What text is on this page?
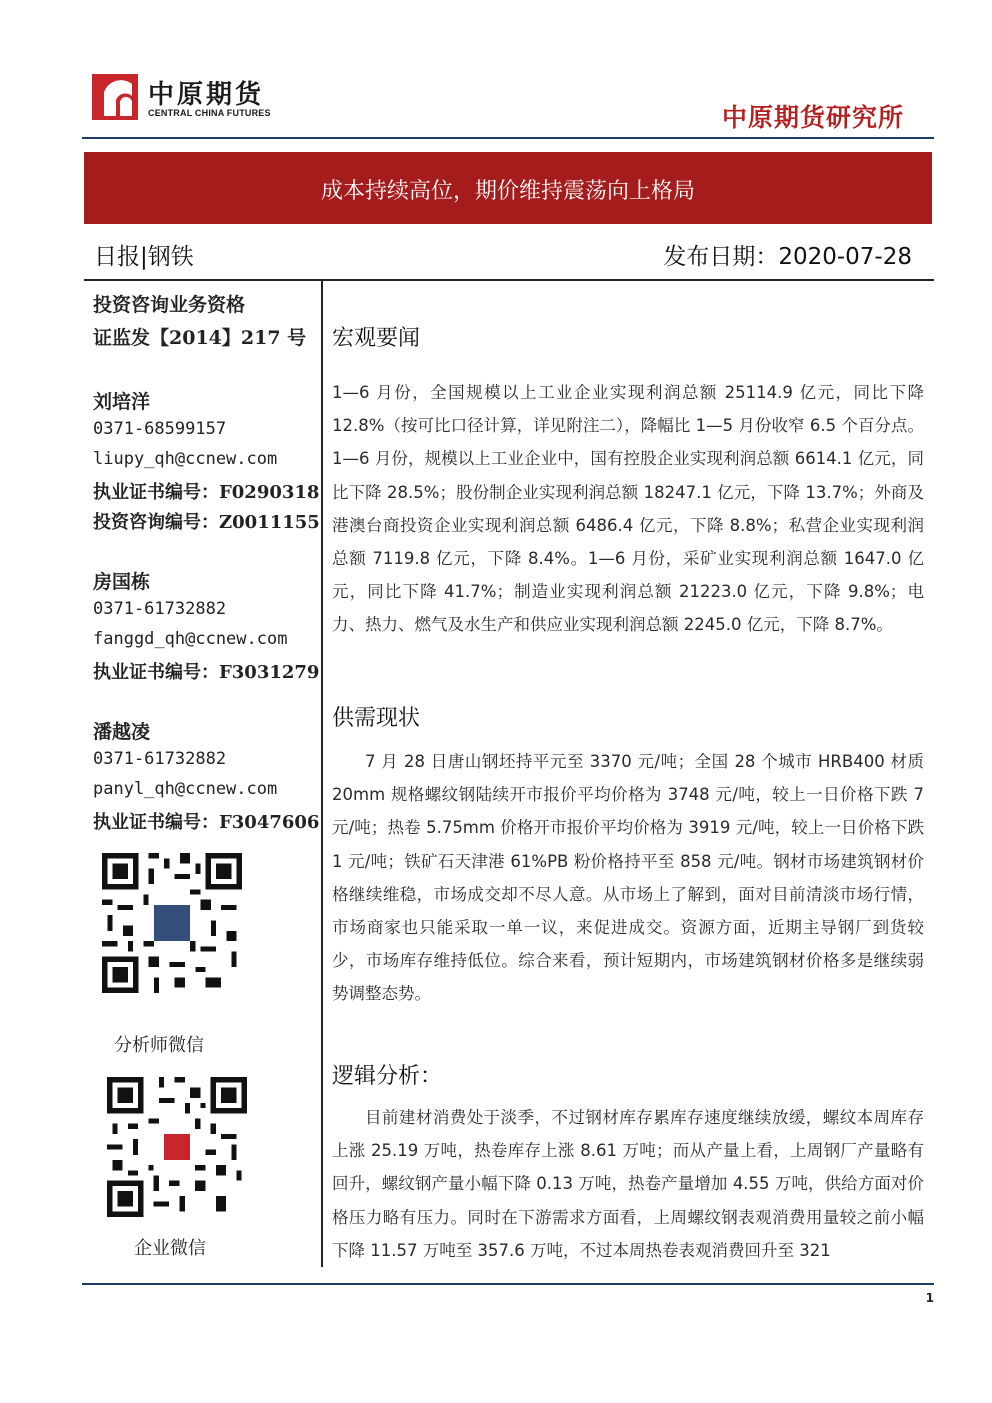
中原期货
CENTRAL CHINA FUTURES	中原期货研究所
成本持续高位，期价维持震荡向上格局
日报|钢铁	发布日期：2020-07-28
投资咨询业务资格
证监发【2014】217 号
刘培洋
0371-68599157
liupy_qh@ccnew.com
执业证书编号：F0290318
投资咨询编号：Z0011155
房国栋
0371-61732882
fanggd_qh@ccnew.com
执业证书编号：F3031279
潘越凌
0371-61732882
panyl_qh@ccnew.com
执业证书编号：F3047606
分析师微信
企业微信
宏观要闻

1—6 月份，全国规模以上工业企业实现利润总额 25114.9 亿元，同比下降 12.8%（按可比口径计算，详见附注二），降幅比 1—5 月份收窄 6.5 个百分点。1—6 月份，规模以上工业企业中，国有控股企业实现利润总额 6614.1 亿元，同比下降 28.5%；股份制企业实现利润总额 18247.1 亿元，下降 13.7%；外商及港澳台商投资企业实现利润总额 6486.4 亿元，下降 8.8%；私营企业实现利润总额 7119.8 亿元，下降 8.4%。1—6 月份，采矿业实现利润总额 1647.0 亿元，同比下降 41.7%；制造业实现利润总额 21223.0 亿元，下降 9.8%；电力、热力、燃气及水生产和供应业实现利润总额 2245.0 亿元，下降 8.7%。

供需现状

7 月 28 日唐山钢坯持平元至 3370 元/吨；全国 28 个城市 HRB400 材质 20mm 规格螺纹钢陆续开市报价平均价格为 3748 元/吨，较上一日价格下跌 7 元/吨；热卷 5.75mm 价格开市报价平均价格为 3919 元/吨，较上一日价格下跌 1 元/吨；铁矿石天津港 61%PB 粉价格持平至 858 元/吨。钢材市场建筑钢材价格继续维稳，市场成交却不尽人意。从市场上了解到，面对目前清淡市场行情，市场商家也只能采取一单一议，来促进成交。资源方面，近期主导钢厂到货较少，市场库存维持低位。综合来看，预计短期内，市场建筑钢材价格多是继续弱势调整态势。

逻辑分析：

目前建材消费处于淡季，不过钢材库存累库存速度继续放缓，螺纹本周库存上涨 25.19 万吨，热卷库存上涨 8.61 万吨；而从产量上看，上周钢厂产量略有回升，螺纹钢产量小幅下降 0.13 万吨，热卷产量增加 4.55 万吨，供给方面对价格压力略有压力。同时在下游需求方面看，上周螺纹钢表观消费用量较之前小幅下降 11.57 万吨至 357.6 万吨，不过本周热卷表观消费回升至 321

1
